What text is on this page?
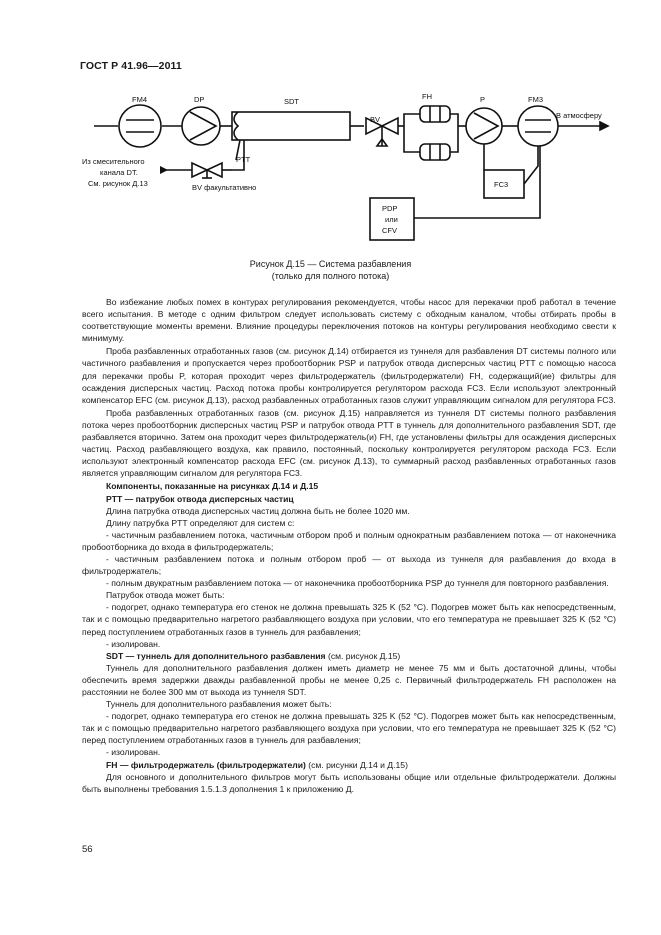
ГОСТ Р 41.96—2011
FM4	DP	SDT
FH	P	FM3
BV
PTT
В атмосферу
Из смесительного
канала DT.
См. рисунок Д.13	BV факультативно	FC3
PDP
или
CFV
Рисунок Д.15 — Система разбавления
(только для полного потока)

Во избежание любых помех в контурах регулирования рекомендуется, чтобы насос для перекачки проб работал в течение всего испытания. В методе с одним фильтром следует использовать систему с обходным каналом, чтобы отбирать пробы в соответствующие моменты времени. Влияние процедуры переключения потоков на контуры регулирования необходимо свести к минимуму.

Проба разбавленных отработанных газов (см. рисунок Д.14) отбирается из туннеля для разбавления DT системы полного или частичного разбавления и пропускается через пробоотборник PSP и патрубок отвода дисперсных частиц PTT с помощью насоса для перекачки пробы P, которая проходит через фильтродержатель (фильтродержатели) FH, содержащий(ие) фильтры для осаждения дисперсных частиц. Расход потока пробы контролируется регулятором расхода FC3. Если используют электронный компенсатор EFC (см. рисунок Д.13), расход разбавленных отработанных газов служит управляющим сигналом для регулятора FC3.

Проба разбавленных отработанных газов (см. рисунок Д.15) направляется из туннеля DT системы полного разбавления потока через пробоотборник дисперсных частиц PSP и патрубок отвода PTT в туннель для дополнительного разбавления SDT, где разбавляется вторично. Затем она проходит через фильтродержатель(и) FH, где установлены фильтры для осаждения дисперсных частиц. Расход разбавляющего воздуха, как правило, постоянный, поскольку контролируется регулятором расхода FC3. Если используют электронный компенсатор расхода EFC (см. рисунок Д.13), то суммарный расход разбавленных отработанных газов является управляющим сигналом для регулятора FC3.

Компоненты, показанные на рисунках Д.14 и Д.15

PTT — патрубок отвода дисперсных частиц

Длина патрубка отвода дисперсных частиц должна быть не более 1020 мм.

Длину патрубка PTT определяют для систем с:

- частичным разбавлением потока, частичным отбором проб и полным однократным разбавлением потока — от наконечника пробоотборника до входа в фильтродержатель;

- частичным разбавлением потока и полным отбором проб — от выхода из туннеля для разбавления до входа в фильтродержатель;

- полным двукратным разбавлением потока — от наконечника пробоотборника PSP до туннеля для повторного разбавления.

Патрубок отвода может быть:

- подогрет, однако температура его стенок не должна превышать 325 K (52 °C). Подогрев может быть как непосредственным, так и с помощью предварительно нагретого разбавляющего воздуха при условии, что его температура не превышает 325 K (52 °C) перед поступлением отработанных газов в туннель для разбавления;

- изолирован.

SDT — туннель для дополнительного разбавления (см. рисунок Д.15)

Туннель для дополнительного разбавления должен иметь диаметр не менее 75 мм и быть достаточной длины, чтобы обеспечить время задержки дважды разбавленной пробы не менее 0,25 с. Первичный фильтродержатель FH расположен на расстоянии не более 300 мм от выхода из туннеля SDT.

Туннель для дополнительного разбавления может быть:

- подогрет, однако температура его стенок не должна превышать 325 K (52 °C). Подогрев может быть как непосредственным, так и с помощью предварительно нагретого разбавляющего воздуха при условии, что его температура не превышает 325 K (52 °C) перед поступлением отработанных газов в туннель для разбавления;

- изолирован.

FH — фильтродержатель (фильтродержатели) (см. рисунки Д.14 и Д.15)

Для основного и дополнительного фильтров могут быть использованы общие или отдельные фильтродержатели. Должны быть выполнены требования 1.5.1.3 дополнения 1 к приложению Д.

56
